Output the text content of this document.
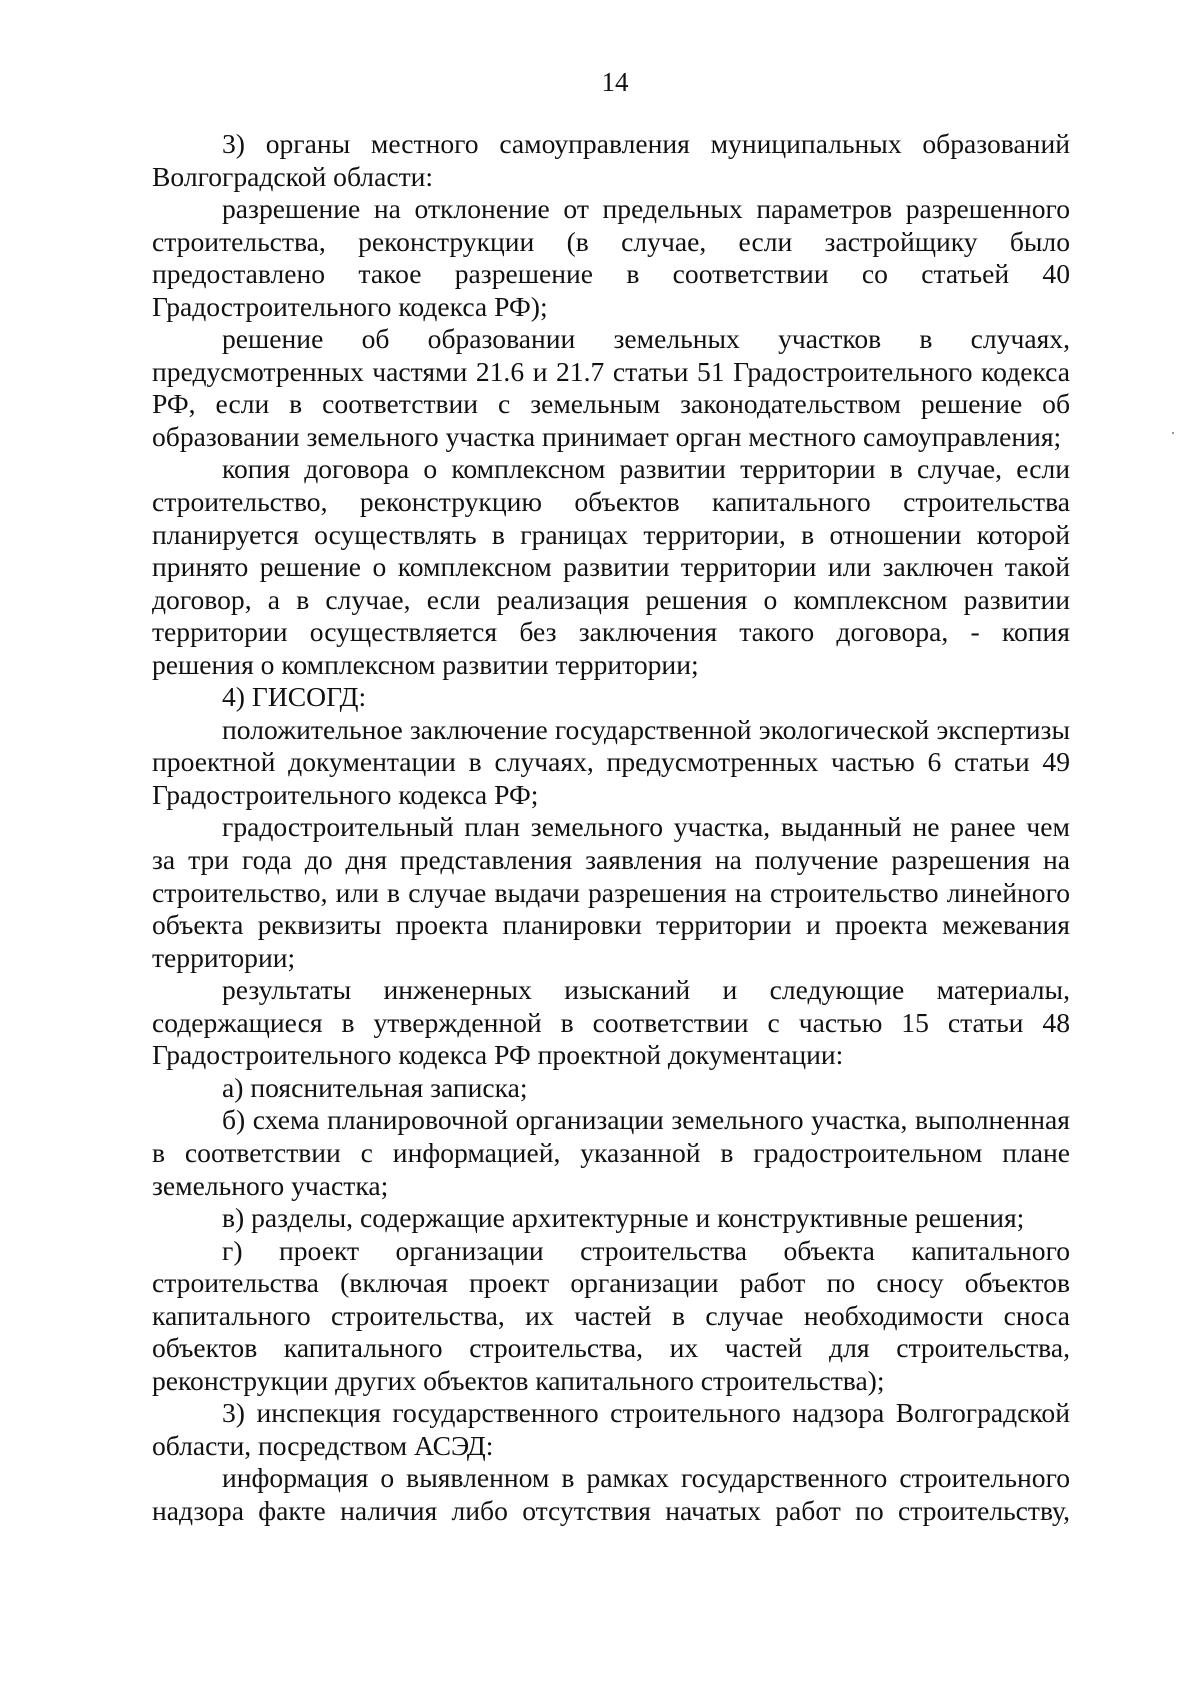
14

3) органы местного самоуправления муниципальных образований Волгоградской области:

разрешение на отклонение от предельных параметров разрешенного строительства, реконструкции (в случае, если застройщику было предоставлено такое разрешение в соответствии со статьей 40 Градостроительного кодекса РФ);

решение об образовании земельных участков в случаях, предусмотренных частями 21.6 и 21.7 статьи 51 Градостроительного кодекса РФ, если в соответствии с земельным законодательством решение об образовании земельного участка принимает орган местного самоуправления;

копия договора о комплексном развитии территории в случае, если строительство, реконструкцию объектов капитального строительства планируется осуществлять в границах территории, в отношении которой принято решение о комплексном развитии территории или заключен такой договор, а в случае, если реализация решения о комплексном развитии территории осуществляется без заключения такого договора, - копия решения о комплексном развитии территории;

4) ГИСОГД:

положительное заключение государственной экологической экспертизы проектной документации в случаях, предусмотренных частью 6 статьи 49 Градостроительного кодекса РФ;

градостроительный план земельного участка, выданный не ранее чем за три года до дня представления заявления на получение разрешения на строительство, или в случае выдачи разрешения на строительство линейного объекта реквизиты проекта планировки территории и проекта межевания территории;

результаты инженерных изысканий и следующие материалы, содержащиеся в утвержденной в соответствии с частью 15 статьи 48 Градостроительного кодекса РФ проектной документации:

а) пояснительная записка;

б) схема планировочной организации земельного участка, выполненная в соответствии с информацией, указанной в градостроительном плане земельного участка;

в) разделы, содержащие архитектурные и конструктивные решения;

г) проект организации строительства объекта капитального строительства (включая проект организации работ по сносу объектов капитального строительства, их частей в случае необходимости сноса объектов капитального строительства, их частей для строительства, реконструкции других объектов капитального строительства);

3) инспекция государственного строительного надзора Волгоградской области, посредством АСЭД:

информация о выявленном в рамках государственного строительного надзора факте наличия либо отсутствия начатых работ по строительству,
